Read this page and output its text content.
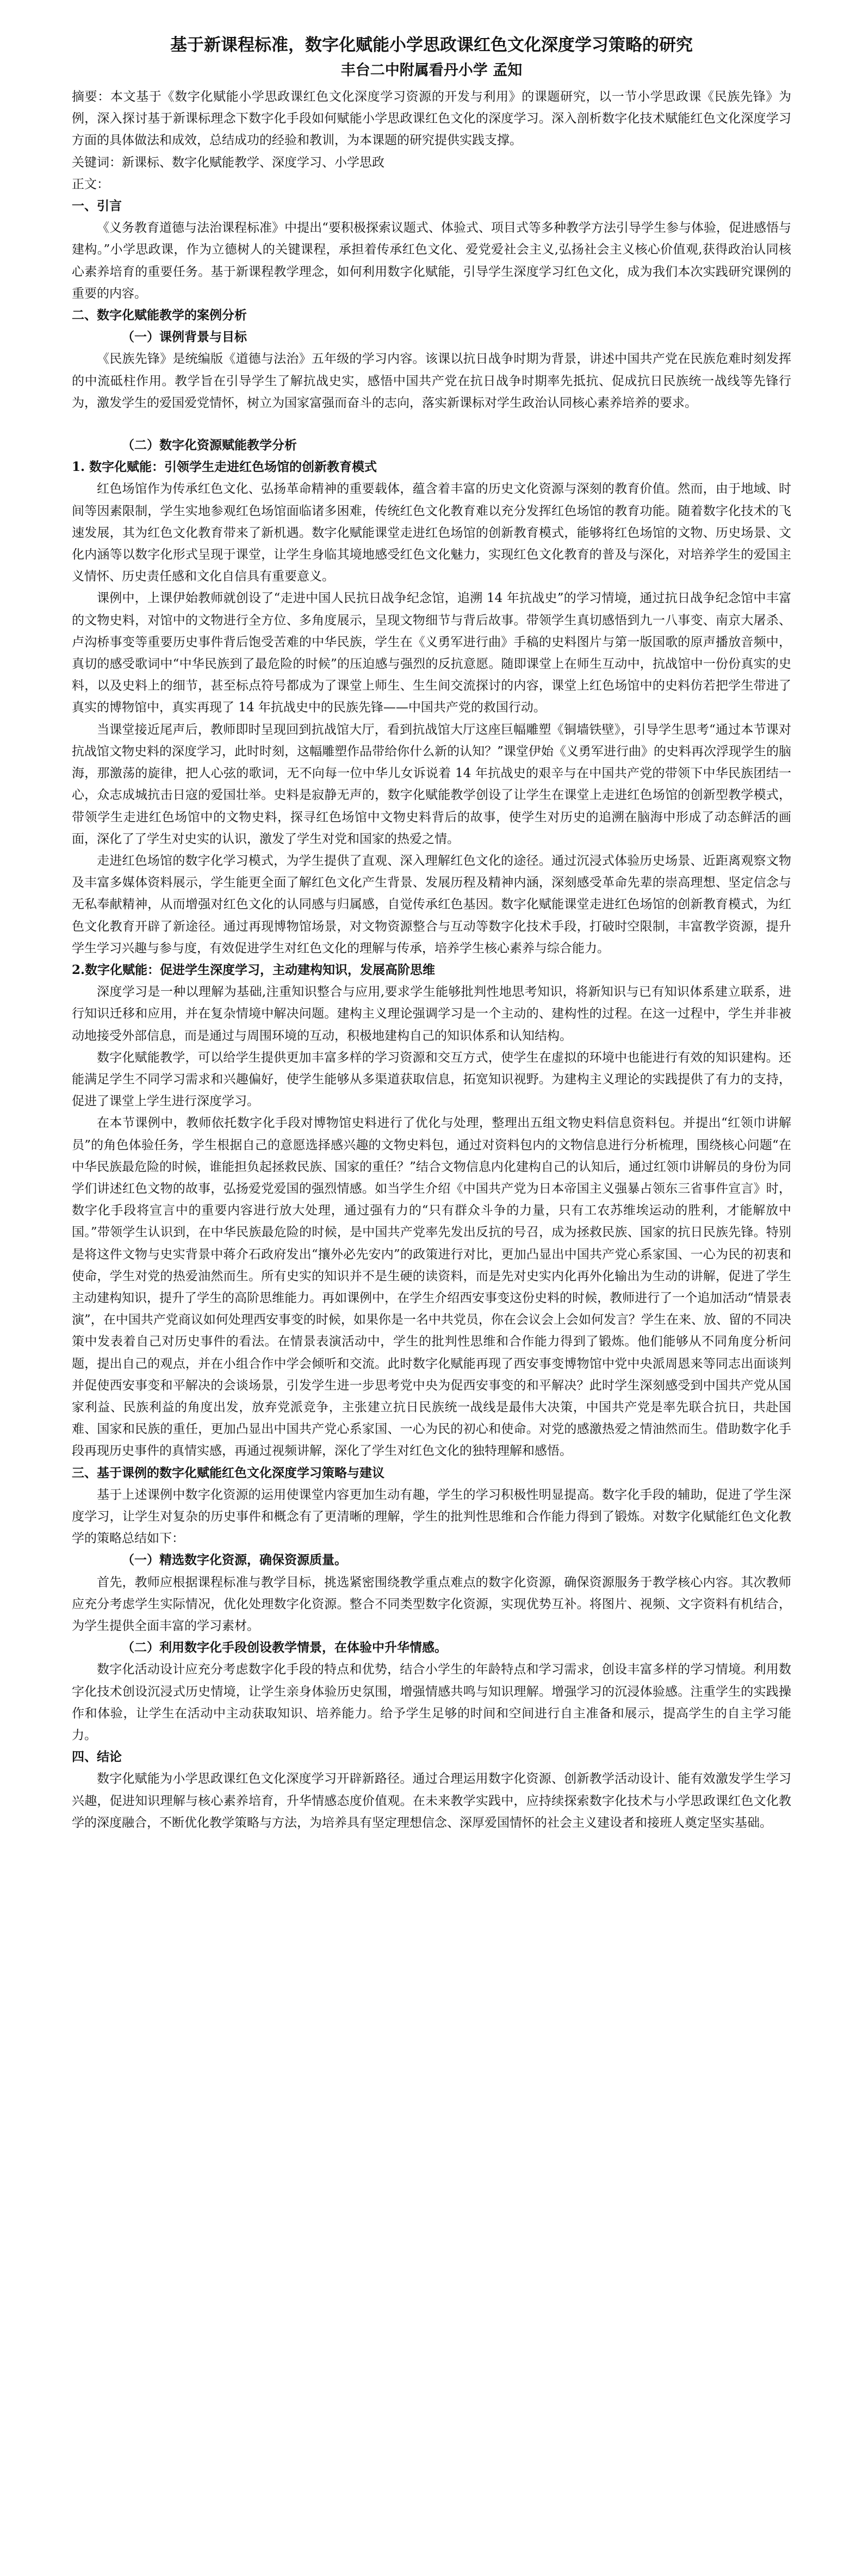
基于新课程标准，数字化赋能小学思政课红色文化深度学习策略的研究

丰台二中附属看丹小学 孟知

摘要：本文基于《数字化赋能小学思政课红色文化深度学习资源的开发与利用》的课题研究，以一节小学思政课《民族先锋》为例，深入探讨基于新课标理念下数字化手段如何赋能小学思政课红色文化的深度学习。深入剖析数字化技术赋能红色文化深度学习方面的具体做法和成效，总结成功的经验和教训，为本课题的研究提供实践支撑。

关键词：新课标、数字化赋能教学、深度学习、小学思政

正文：

一、引言

《义务教育道德与法治课程标准》中提出“要积极探索议题式、体验式、项目式等多种教学方法引导学生参与体验，促进感悟与建构。”小学思政课，作为立德树人的关键课程，承担着传承红色文化、爱党爱社会主义,弘扬社会主义核心价值观,获得政治认同核心素养培育的重要任务。基于新课程教学理念，如何利用数字化赋能，引导学生深度学习红色文化，成为我们本次实践研究课例的重要的内容。

二、数字化赋能教学的案例分析

（一）课例背景与目标

《民族先锋》是统编版《道德与法治》五年级的学习内容。该课以抗日战争时期为背景，讲述中国共产党在民族危难时刻发挥的中流砥柱作用。教学旨在引导学生了解抗战史实，感悟中国共产党在抗日战争时期率先抵抗、促成抗日民族统一战线等先锋行为，激发学生的爱国爱党情怀，树立为国家富强而奋斗的志向，落实新课标对学生政治认同核心素养培养的要求。

（二）数字化资源赋能教学分析

1. 数字化赋能：引领学生走进红色场馆的创新教育模式

红色场馆作为传承红色文化、弘扬革命精神的重要载体，蕴含着丰富的历史文化资源与深刻的教育价值。然而，由于地域、时间等因素限制，学生实地参观红色场馆面临诸多困难，传统红色文化教育难以充分发挥红色场馆的教育功能。随着数字化技术的飞速发展，其为红色文化教育带来了新机遇。数字化赋能课堂走进红色场馆的创新教育模式，能够将红色场馆的文物、历史场景、文化内涵等以数字化形式呈现于课堂，让学生身临其境地感受红色文化魅力，实现红色文化教育的普及与深化，对培养学生的爱国主义情怀、历史责任感和文化自信具有重要意义。

课例中，上课伊始教师就创设了“走进中国人民抗日战争纪念馆，追溯 14 年抗战史”的学习情境，通过抗日战争纪念馆中丰富的文物史料，对馆中的文物进行全方位、多角度展示，呈现文物细节与背后故事。带领学生真切感悟到九一八事变、南京大屠杀、卢沟桥事变等重要历史事件背后饱受苦难的中华民族，学生在《义勇军进行曲》手稿的史料图片与第一版国歌的原声播放音频中，真切的感受歌词中“中华民族到了最危险的时候”的压迫感与强烈的反抗意愿。随即课堂上在师生互动中，抗战馆中一份份真实的史料，以及史料上的细节，甚至标点符号都成为了课堂上师生、生生间交流探讨的内容，课堂上红色场馆中的史料仿若把学生带进了真实的博物馆中，真实再现了 14 年抗战史中的民族先锋——中国共产党的救国行动。

当课堂接近尾声后，教师即时呈现回到抗战馆大厅，看到抗战馆大厅这座巨幅雕塑《铜墙铁壁》，引导学生思考“通过本节课对抗战馆文物史料的深度学习，此时时刻，这幅雕塑作品带给你什么新的认知？”课堂伊始《义勇军进行曲》的史料再次浮现学生的脑海，那激荡的旋律，把人心弦的歌词，无不向每一位中华儿女诉说着 14 年抗战史的艰辛与在中国共产党的带领下中华民族团结一心，众志成城抗击日寇的爱国壮举。史料是寂静无声的，数字化赋能教学创设了让学生在课堂上走进红色场馆的创新型教学模式，带领学生走进红色场馆中的文物史料，探寻红色场馆中文物史料背后的故事，使学生对历史的追溯在脑海中形成了动态鲜活的画面，深化了了学生对史实的认识，激发了学生对党和国家的热爱之情。

走进红色场馆的数字化学习模式，为学生提供了直观、深入理解红色文化的途径。通过沉浸式体验历史场景、近距离观察文物及丰富多媒体资料展示，学生能更全面了解红色文化产生背景、发展历程及精神内涵，深刻感受革命先辈的崇高理想、坚定信念与无私奉献精神，从而增强对红色文化的认同感与归属感，自觉传承红色基因。数字化赋能课堂走进红色场馆的创新教育模式，为红色文化教育开辟了新途径。通过再现博物馆场景，对文物资源整合与互动等数字化技术手段，打破时空限制，丰富教学资源，提升学生学习兴趣与参与度，有效促进学生对红色文化的理解与传承，培养学生核心素养与综合能力。

2.数字化赋能：促进学生深度学习，主动建构知识，发展高阶思维

深度学习是一种以理解为基础,注重知识整合与应用,要求学生能够批判性地思考知识，将新知识与已有知识体系建立联系，进行知识迁移和应用，并在复杂情境中解决问题。建构主义理论强调学习是一个主动的、建构性的过程。在这一过程中，学生并非被动地接受外部信息，而是通过与周围环境的互动，积极地建构自己的知识体系和认知结构。

数字化赋能教学，可以给学生提供更加丰富多样的学习资源和交互方式，使学生在虚拟的环境中也能进行有效的知识建构。还能满足学生不同学习需求和兴趣偏好，使学生能够从多渠道获取信息，拓宽知识视野。为建构主义理论的实践提供了有力的支持，促进了课堂上学生进行深度学习。

在本节课例中，教师依托数字化手段对博物馆史料进行了优化与处理，整理出五组文物史料信息资料包。并提出“红领巾讲解员”的角色体验任务，学生根据自己的意愿选择感兴趣的文物史料包，通过对资料包内的文物信息进行分析梳理，围绕核心问题“在中华民族最危险的时候，谁能担负起拯救民族、国家的重任？”结合文物信息内化建构自己的认知后，通过红领巾讲解员的身份为同学们讲述红色文物的故事，弘扬爱党爱国的强烈情感。如当学生介绍《中国共产党为日本帝国主义强暴占领东三省事件宣言》时，数字化手段将宣言中的重要内容进行放大处理，通过强有力的“只有群众斗争的力量，只有工农苏维埃运动的胜利，才能解放中国。”带领学生认识到，在中华民族最危险的时候，是中国共产党率先发出反抗的号召，成为拯救民族、国家的抗日民族先锋。特别是将这件文物与史实背景中蒋介石政府发出“攘外必先安内”的政策进行对比，更加凸显出中国共产党心系家国、一心为民的初衷和使命，学生对党的热爱油然而生。所有史实的知识并不是生硬的读资料，而是先对史实内化再外化输出为生动的讲解，促进了学生主动建构知识，提升了学生的高阶思维能力。再如课例中，在学生介绍西安事变这份史料的时候，教师进行了一个追加活动“情景表演”，在中国共产党商议如何处理西安事变的时候，如果你是一名中共党员，你在会议会上会如何发言？学生在来、放、留的不同决策中发表着自己对历史事件的看法。在情景表演活动中，学生的批判性思维和合作能力得到了锻炼。他们能够从不同角度分析问题，提出自己的观点，并在小组合作中学会倾听和交流。此时数字化赋能再现了西安事变博物馆中党中央派周恩来等同志出面谈判并促使西安事变和平解决的会谈场景，引发学生进一步思考党中央为促西安事变的和平解决？此时学生深刻感受到中国共产党从国家利益、民族利益的角度出发，放弃党派竞争，主张建立抗日民族统一战线是最伟大决策，中国共产党是率先联合抗日，共赴国难、国家和民族的重任，更加凸显出中国共产党心系家国、一心为民的初心和使命。对党的感激热爱之情油然而生。借助数字化手段再现历史事件的真情实感，再通过视频讲解，深化了学生对红色文化的独特理解和感悟。

三、基于课例的数字化赋能红色文化深度学习策略与建议

基于上述课例中数字化资源的运用使课堂内容更加生动有趣，学生的学习积极性明显提高。数字化手段的辅助，促进了学生深度学习，让学生对复杂的历史事件和概念有了更清晰的理解，学生的批判性思维和合作能力得到了锻炼。对数字化赋能红色文化教学的策略总结如下：

（一）精选数字化资源，确保资源质量。

首先，教师应根据课程标准与教学目标，挑选紧密围绕教学重点难点的数字化资源，确保资源服务于教学核心内容。其次教师应充分考虑学生实际情况，优化处理数字化资源。整合不同类型数字化资源，实现优势互补。将图片、视频、文字资料有机结合，为学生提供全面丰富的学习素材。

（二）利用数字化手段创设教学情景，在体验中升华情感。

数字化活动设计应充分考虑数字化手段的特点和优势，结合小学生的年龄特点和学习需求，创设丰富多样的学习情境。利用数字化技术创设沉浸式历史情境，让学生亲身体验历史氛围，增强情感共鸣与知识理解。增强学习的沉浸体验感。注重学生的实践操作和体验，让学生在活动中主动获取知识、培养能力。给予学生足够的时间和空间进行自主准备和展示，提高学生的自主学习能力。

四、结论

数字化赋能为小学思政课红色文化深度学习开辟新路径。通过合理运用数字化资源、创新教学活动设计、能有效激发学生学习兴趣，促进知识理解与核心素养培育，升华情感态度价值观。在未来教学实践中，应持续探索数字化技术与小学思政课红色文化教学的深度融合，不断优化教学策略与方法，为培养具有坚定理想信念、深厚爱国情怀的社会主义建设者和接班人奠定坚实基础。
